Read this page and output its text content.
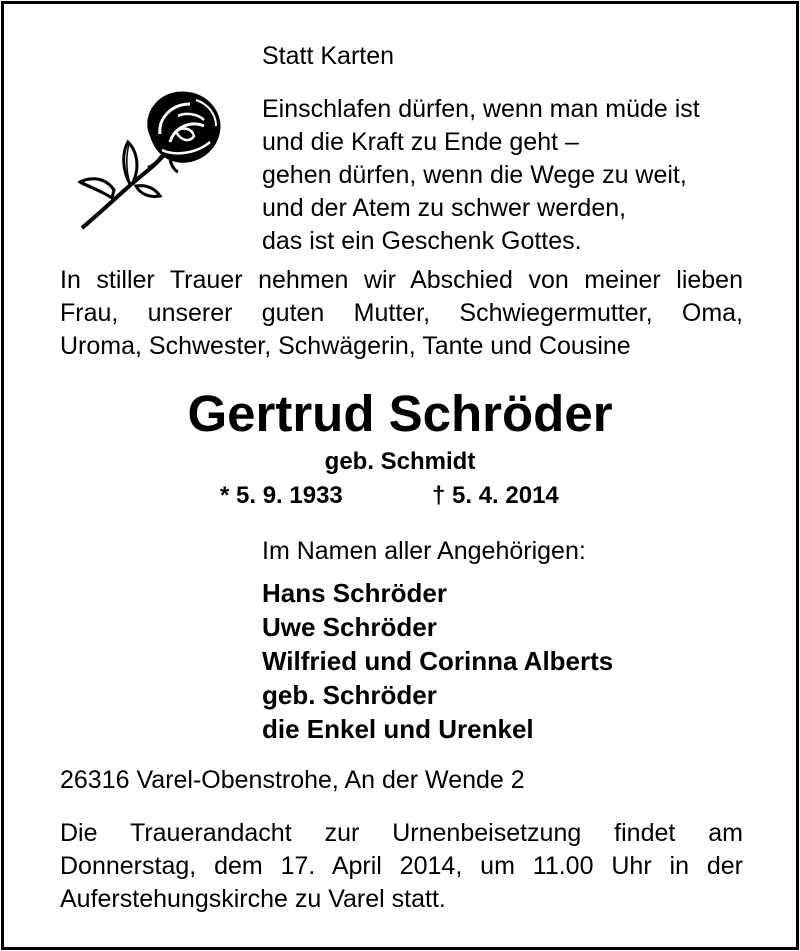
Statt Karten
Einschlafen dürfen, wenn man müde ist
und die Kraft zu Ende geht –
gehen dürfen, wenn die Wege zu weit,
und der Atem zu schwer werden,
das ist ein Geschenk Gottes.
In stiller Trauer nehmen wir Abschied von meiner lieben
Frau, unserer guten Mutter, Schwiegermutter, Oma,
Uroma, Schwester, Schwägerin, Tante und Cousine
Gertrud Schröder
geb. Schmidt
* 5. 9. 1933	† 5. 4. 2014
Im Namen aller Angehörigen:
Hans Schröder
Uwe Schröder
Wilfried und Corinna Alberts
geb. Schröder
die Enkel und Urenkel
26316 Varel-Obenstrohe, An der Wende 2
Die Trauerandacht zur Urnenbeisetzung findet am
Donnerstag, dem 17. April 2014, um 11.00 Uhr in der
Auferstehungskirche zu Varel statt.
